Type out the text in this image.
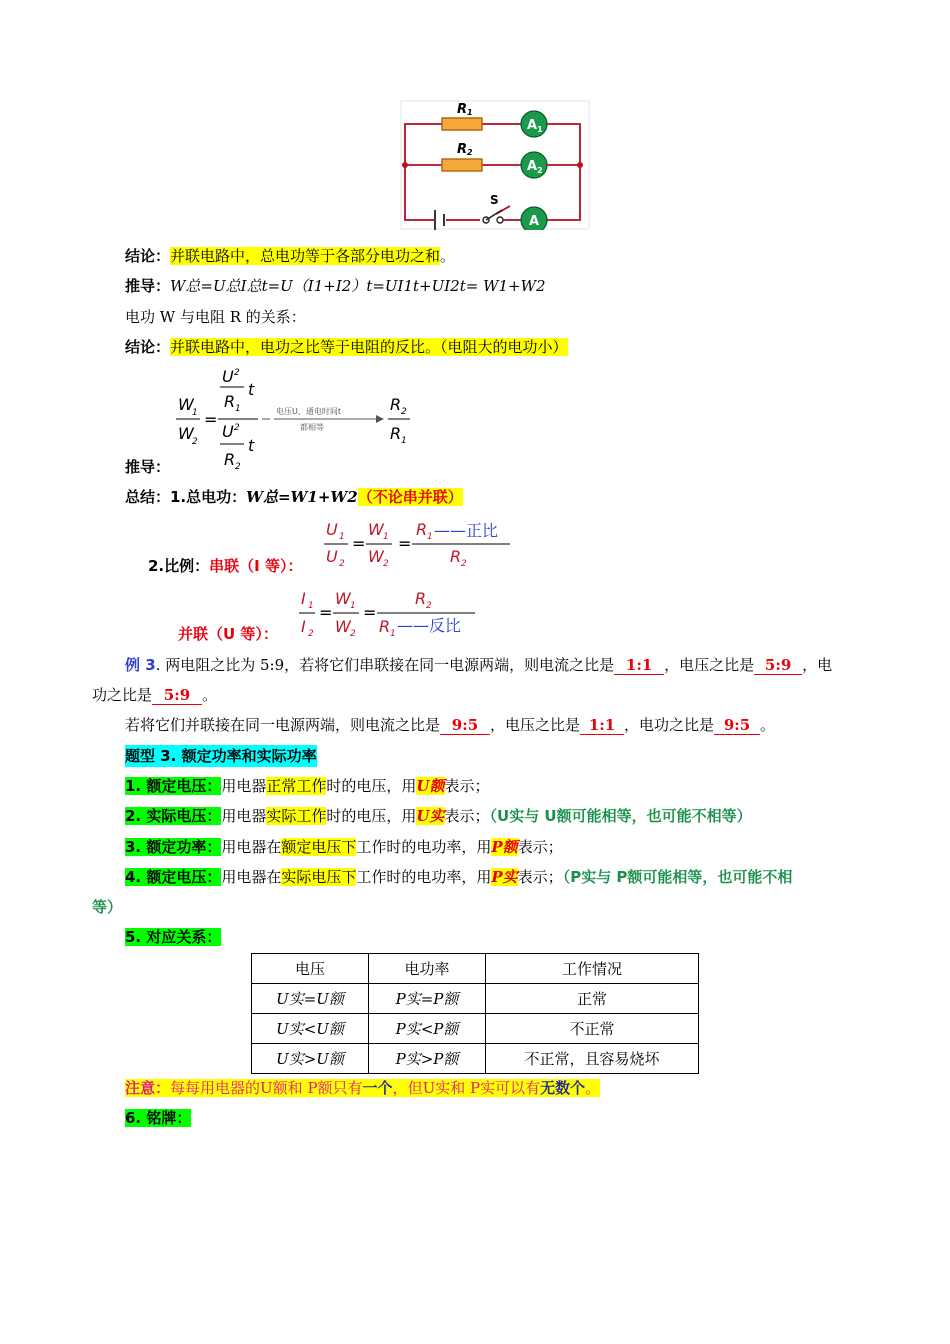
R1
R2
$A_1$
$A_2$
A
S
结论：并联电路中，总电功等于各部分电功之和。
推导：W总=U总I总t=U（I1+I2）t=UI1t+UI2t= W1+W2
电功 W 与电阻 R 的关系：
结论：并联电路中，电功之比等于电阻的反比。（电阻大的电功小）
W
1
W
2
=
U 2
t
R 1
U 2
t
R 2
R 2
R 1
电压U、通电时间t
都相等
推导：
总结：1.总电功：W总=W1+W2（不论串并联）
U 1
U 2
W 1
W 2
R 1
R 2
= =
——正比
2.比例：串联（I 等）：
I 1
I 2
W 1
W 2
R 2
R 1
= =
——反比
并联（U 等）：
例 3. 两电阻之比为 5:9，若将它们串联接在同一电源两端，则电流之比是 1:1 ，电压之比是 5:9 ，电
功之比是 5:9 。
若将它们并联接在同一电源两端，则电流之比是 9:5 ，电压之比是 1:1 ，电功之比是 9:5 。
题型 3. 额定功率和实际功率
1. 额定电压：用电器正常工作时的电压，用U额表示；
2. 实际电压：用电器实际工作时的电压，用U实表示；（U实与 U额可能相等，也可能不相等）
3. 额定功率：用电器在额定电压下工作时的电功率，用P额表示；
4. 额定电压：用电器在实际电压下工作时的电功率，用P实表示；（P实与 P额可能相等，也可能不相
等）
5. 对应关系：
电压	电功率	工作情况
U实=U额	P实=P额	正常
U实<U额	P实<P额	不正常
U实>U额	P实>P额	不正常，且容易烧坏
注意：每每用电器的U额和 P额只有一个，但U实和 P实可以有无数个。
6. 铭牌：
